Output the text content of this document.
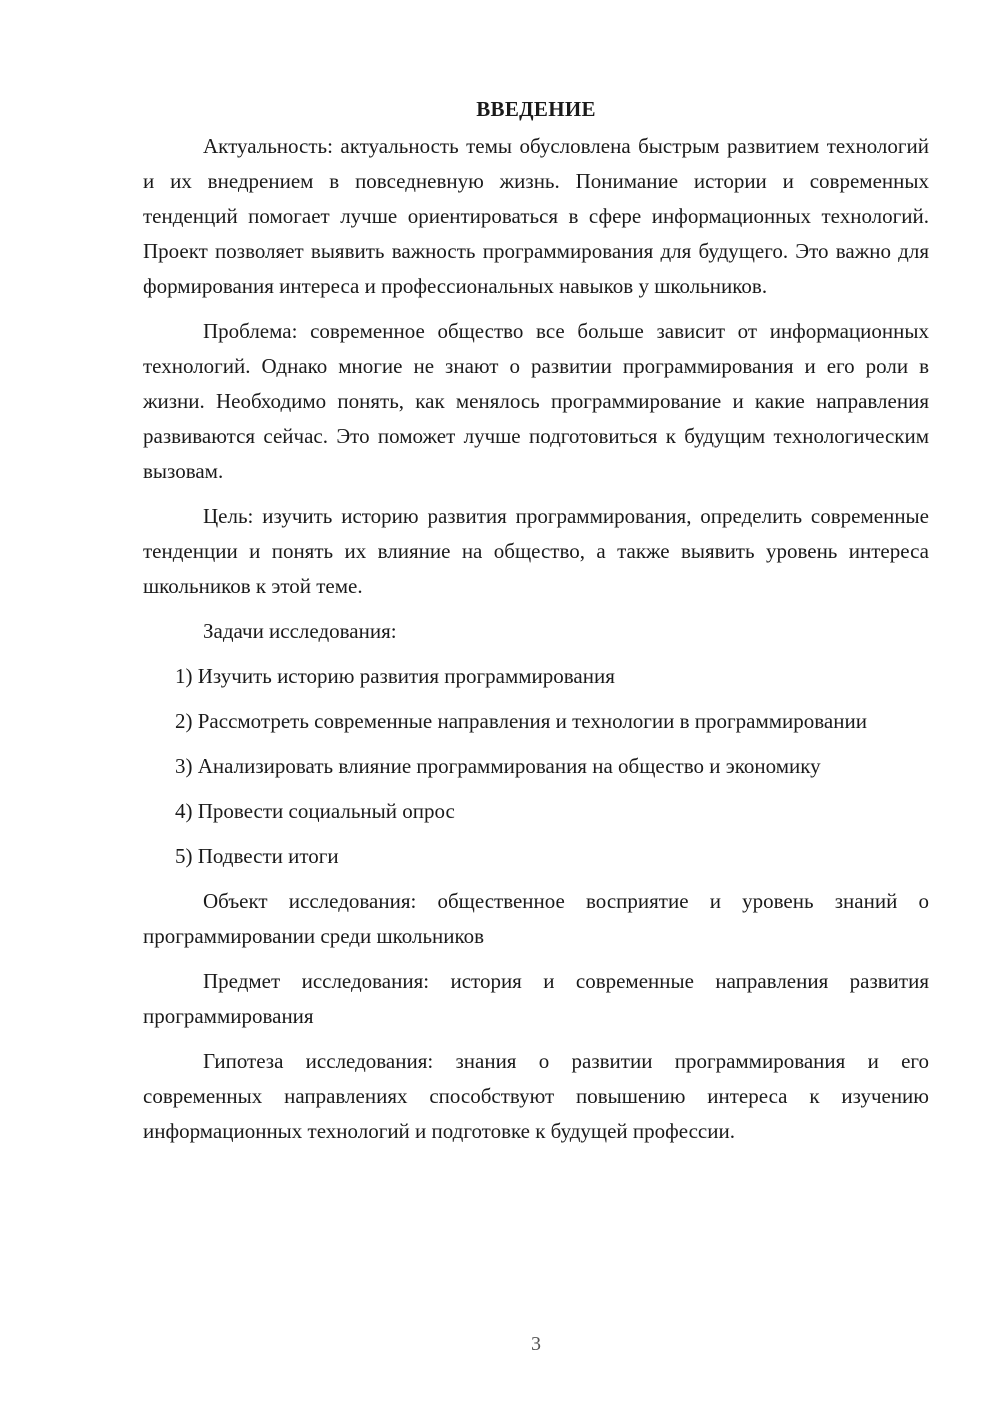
ВВЕДЕНИЕ

Актуальность: актуальность темы обусловлена быстрым развитием технологий и их внедрением в повседневную жизнь. Понимание истории и современных тенденций помогает лучше ориентироваться в сфере информационных технологий. Проект позволяет выявить важность программирования для будущего. Это важно для формирования интереса и профессиональных навыков у школьников.

Проблема: современное общество все больше зависит от информационных технологий. Однако многие не знают о развитии программирования и его роли в жизни. Необходимо понять, как менялось программирование и какие направления развиваются сейчас. Это поможет лучше подготовиться к будущим технологическим вызовам.

Цель: изучить историю развития программирования, определить современные тенденции и понять их влияние на общество, а также выявить уровень интереса школьников к этой теме.

Задачи исследования:

1) Изучить историю развития программирования

2) Рассмотреть современные направления и технологии в программировании

3) Анализировать влияние программирования на общество и экономику

4) Провести социальный опрос

5) Подвести итоги

Объект исследования: общественное восприятие и уровень знаний о программировании среди школьников

Предмет исследования: история и современные направления развития программирования

Гипотеза исследования: знания о развитии программирования и его современных направлениях способствуют повышению интереса к изучению информационных технологий и подготовке к будущей профессии.

3
